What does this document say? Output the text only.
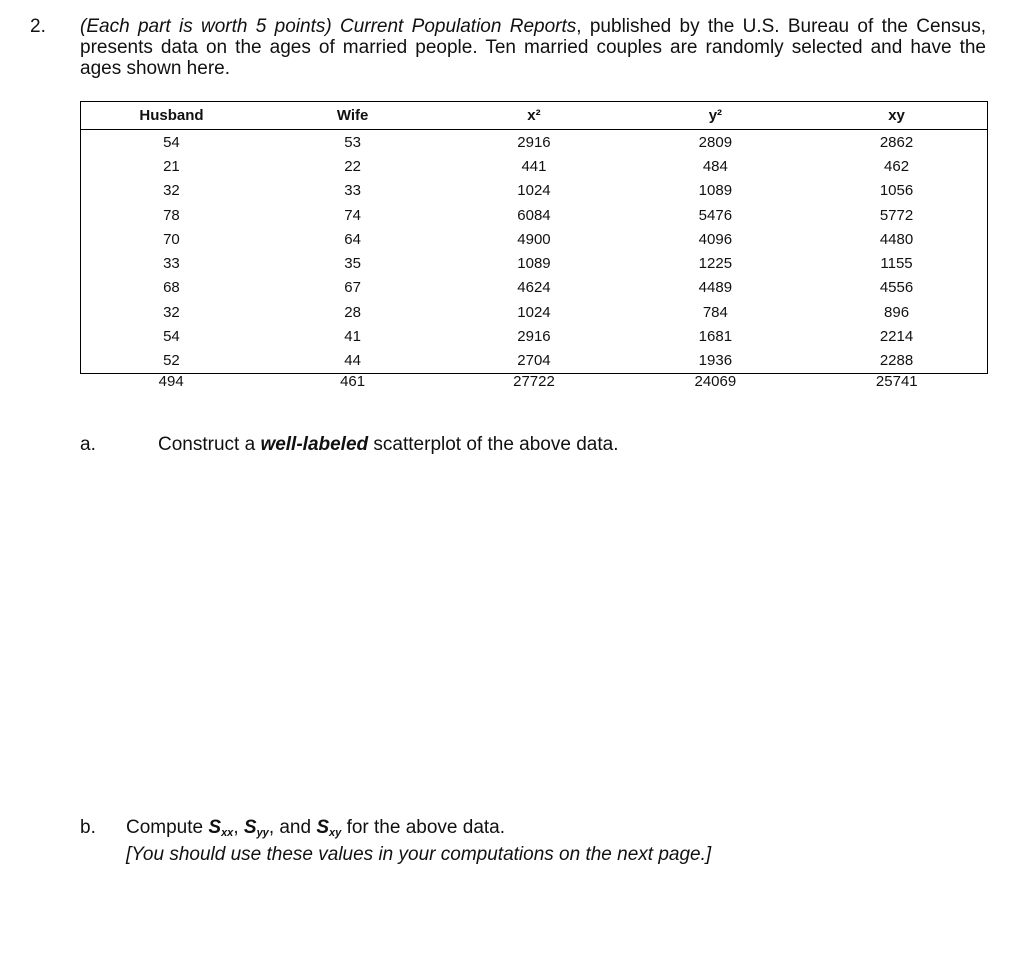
2. (Each part is worth 5 points) Current Population Reports, published by the U.S. Bureau of the Census, presents data on the ages of married people. Ten married couples are randomly selected and have the ages shown here.
Husband	Wife	x²	y²	xy
54	53	2916	2809	2862
21	22	441	484	462
32	33	1024	1089	1056
78	74	6084	5476	5772
70	64	4900	4096	4480
33	35	1089	1225	1155
68	67	4624	4489	4556
32	28	1024	784	896
54	41	2916	1681	2214
52	44	2704	1936	2288
494	461	27722	24069	25741
a.	Construct a well-labeled scatterplot of the above data.
b. Compute $S_{xx}$, $S_{yy}$, and $S_{xy}$ for the above data.
[You should use these values in your computations on the next page.]
